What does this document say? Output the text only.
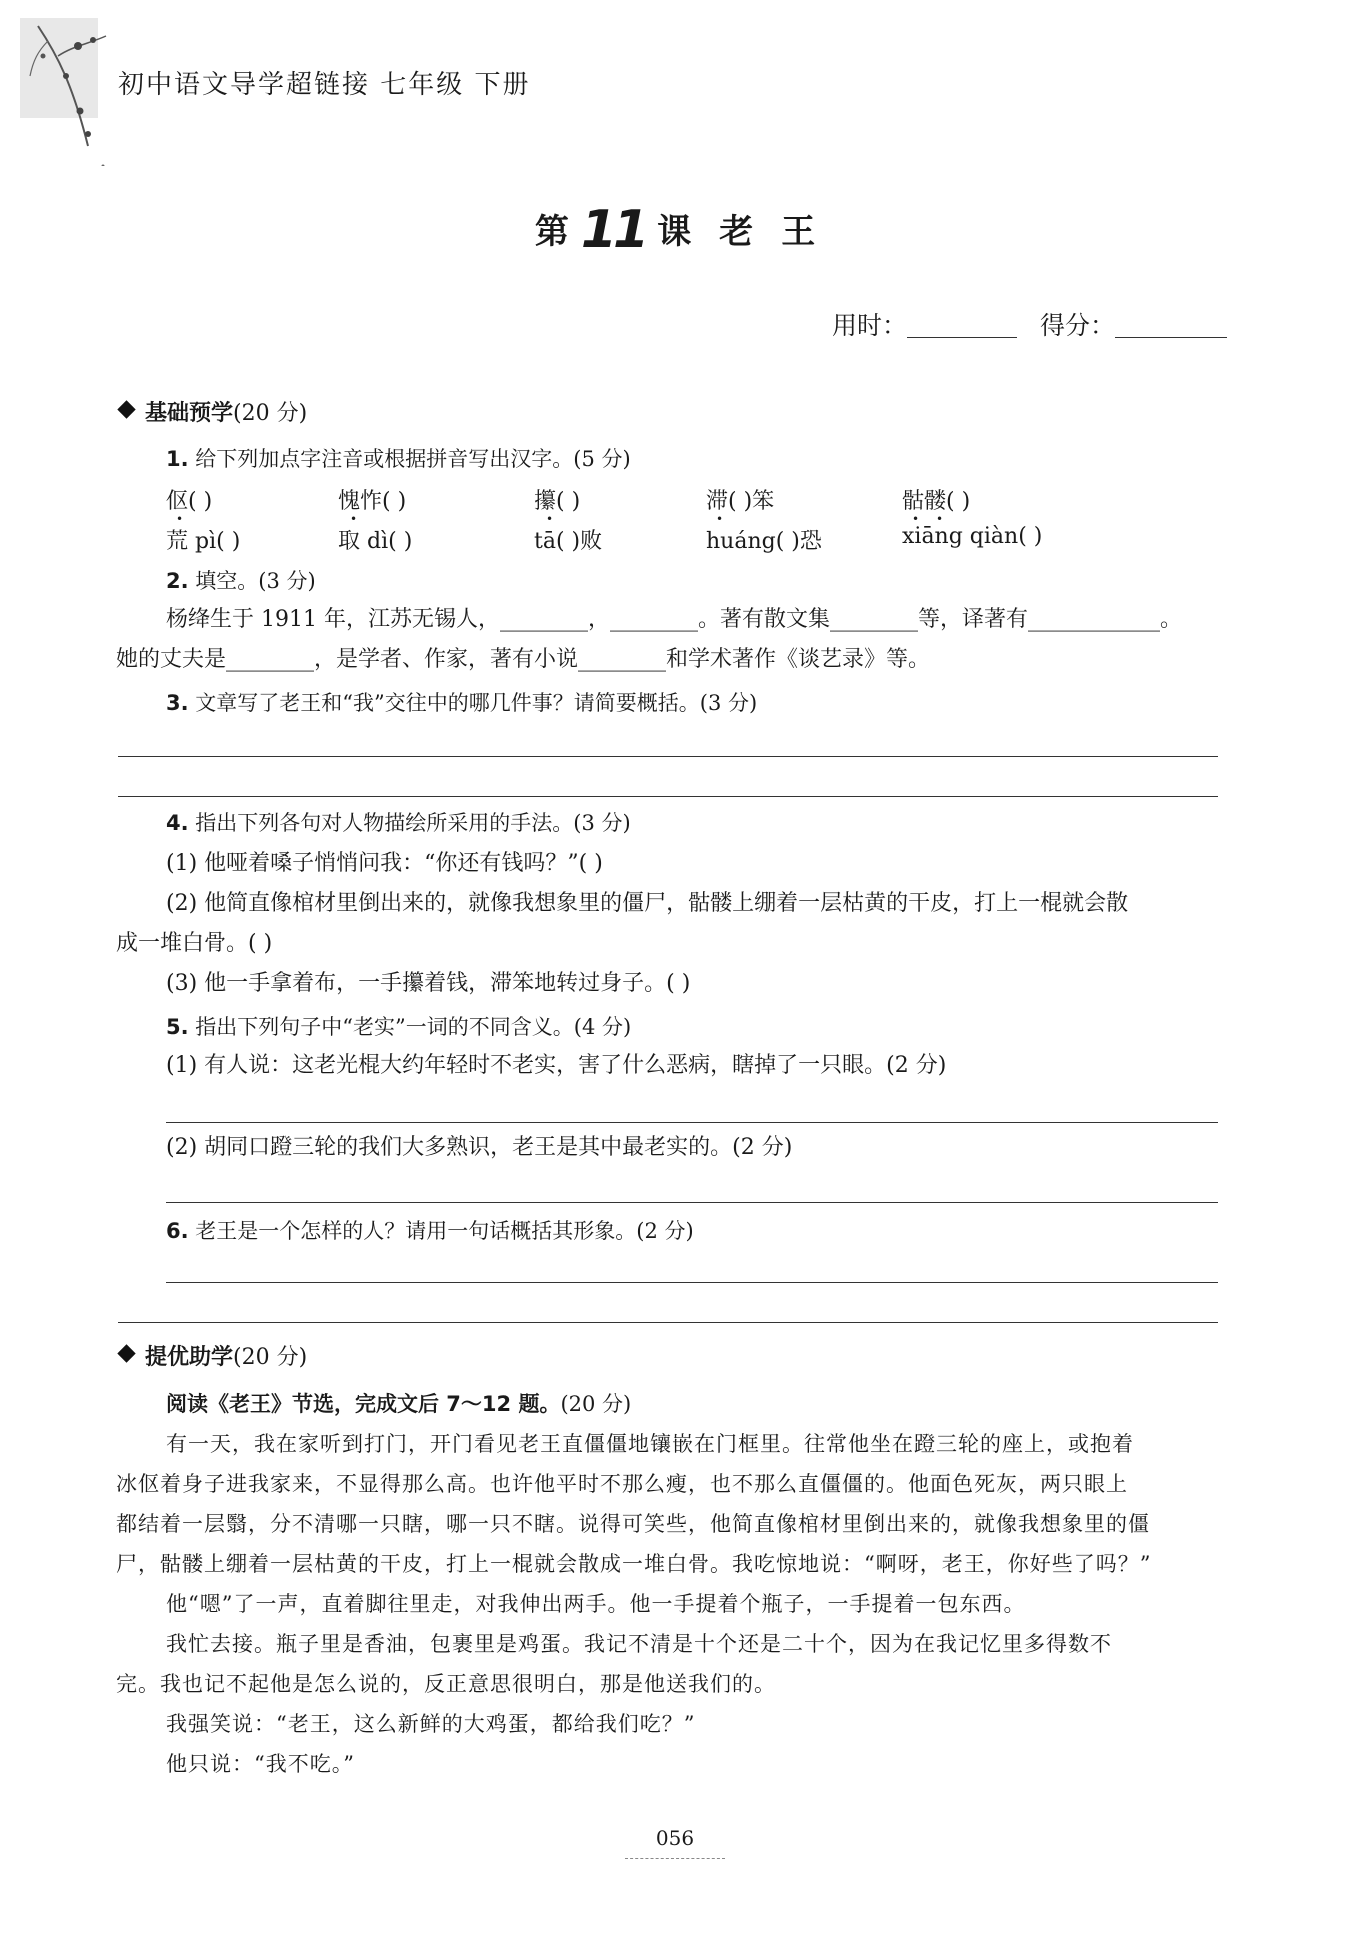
初中语文导学超链接 七年级 下册
第 11 课 老 王
用时：	得分：
基础预学(20 分)
1. 给下列加点字注音或根据拼音写出汉字。(5 分)
伛( )	愧怍( )	攥( )	滞( )笨	骷髅( )
•	•	•	•	• •
荒 pì( )	取 dì( )	tā( )败	huáng( )恐	xiāng qiàn( )
2. 填空。(3 分)
杨绛生于 1911 年，江苏无锡人，________，________。著有散文集________等，译著有____________。
她的丈夫是________，是学者、作家，著有小说________和学术著作《谈艺录》等。
3. 文章写了老王和“我”交往中的哪几件事？请简要概括。(3 分)
4. 指出下列各句对人物描绘所采用的手法。(3 分)
(1) 他哑着嗓子悄悄问我：“你还有钱吗？”( )
(2) 他简直像棺材里倒出来的，就像我想象里的僵尸，骷髅上绷着一层枯黄的干皮，打上一棍就会散
成一堆白骨。( )
(3) 他一手拿着布，一手攥着钱，滞笨地转过身子。( )
5. 指出下列句子中“老实”一词的不同含义。(4 分)
(1) 有人说：这老光棍大约年轻时不老实，害了什么恶病，瞎掉了一只眼。(2 分)
(2) 胡同口蹬三轮的我们大多熟识，老王是其中最老实的。(2 分)
6. 老王是一个怎样的人？请用一句话概括其形象。(2 分)
提优助学(20 分)
阅读《老王》节选，完成文后 7～12 题。(20 分)
有一天，我在家听到打门，开门看见老王直僵僵地镶嵌在门框里。往常他坐在蹬三轮的座上，或抱着
冰伛着身子进我家来，不显得那么高。也许他平时不那么瘦，也不那么直僵僵的。他面色死灰，两只眼上
都结着一层翳，分不清哪一只瞎，哪一只不瞎。说得可笑些，他简直像棺材里倒出来的，就像我想象里的僵
尸，骷髅上绷着一层枯黄的干皮，打上一棍就会散成一堆白骨。我吃惊地说：“啊呀，老王，你好些了吗？”
他“嗯”了一声，直着脚往里走，对我伸出两手。他一手提着个瓶子，一手提着一包东西。
我忙去接。瓶子里是香油，包裹里是鸡蛋。我记不清是十个还是二十个，因为在我记忆里多得数不
完。我也记不起他是怎么说的，反正意思很明白，那是他送我们的。
我强笑说：“老王，这么新鲜的大鸡蛋，都给我们吃？”
他只说：“我不吃。”
056
